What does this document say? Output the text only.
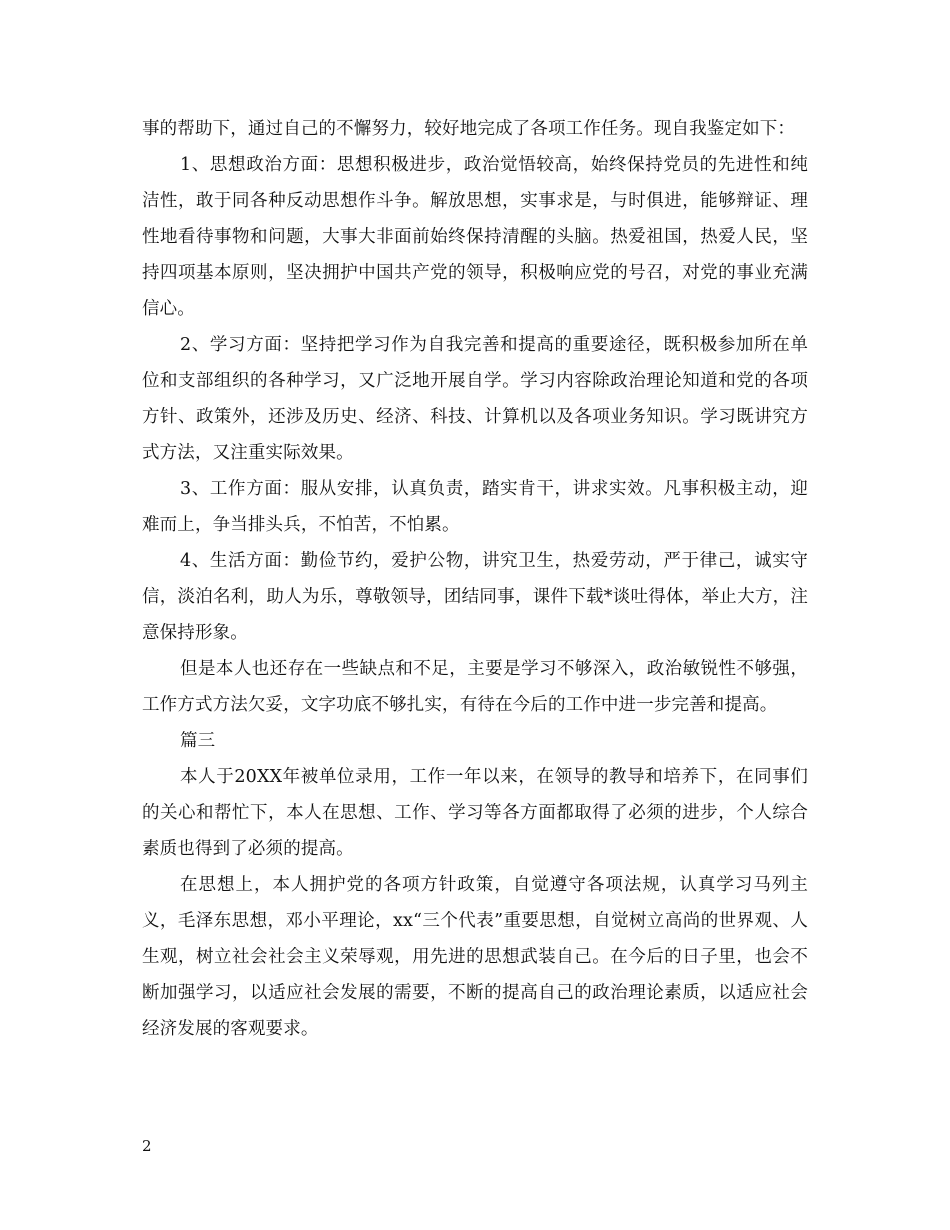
事的帮助下，通过自己的不懈努力，较好地完成了各项工作任务。现自我鉴定如下：

1、思想政治方面：思想积极进步，政治觉悟较高，始终保持党员的先进性和纯洁性，敢于同各种反动思想作斗争。解放思想，实事求是，与时俱进，能够辩证、理性地看待事物和问题，大事大非面前始终保持清醒的头脑。热爱祖国，热爱人民，坚持四项基本原则，坚决拥护中国共产党的领导，积极响应党的号召，对党的事业充满信心。

2、学习方面：坚持把学习作为自我完善和提高的重要途径，既积极参加所在单位和支部组织的各种学习，又广泛地开展自学。学习内容除政治理论知道和党的各项方针、政策外，还涉及历史、经济、科技、计算机以及各项业务知识。学习既讲究方式方法，又注重实际效果。

3、工作方面：服从安排，认真负责，踏实肯干，讲求实效。凡事积极主动，迎难而上，争当排头兵，不怕苦，不怕累。

4、生活方面：勤俭节约，爱护公物，讲究卫生，热爱劳动，严于律己，诚实守信，淡泊名利，助人为乐，尊敬领导，团结同事，课件下载*谈吐得体，举止大方，注意保持形象。

但是本人也还存在一些缺点和不足，主要是学习不够深入，政治敏锐性不够强，工作方式方法欠妥，文字功底不够扎实，有待在今后的工作中进一步完善和提高。

篇三

本人于20XX年被单位录用，工作一年以来，在领导的教导和培养下，在同事们的关心和帮忙下，本人在思想、工作、学习等各方面都取得了必须的进步，个人综合素质也得到了必须的提高。

在思想上，本人拥护党的各项方针政策，自觉遵守各项法规，认真学习马列主义，毛泽东思想，邓小平理论，xx“三个代表”重要思想，自觉树立高尚的世界观、人生观，树立社会社会主义荣辱观，用先进的思想武装自己。在今后的日子里，也会不断加强学习，以适应社会发展的需要，不断的提高自己的政治理论素质，以适应社会经济发展的客观要求。

2
